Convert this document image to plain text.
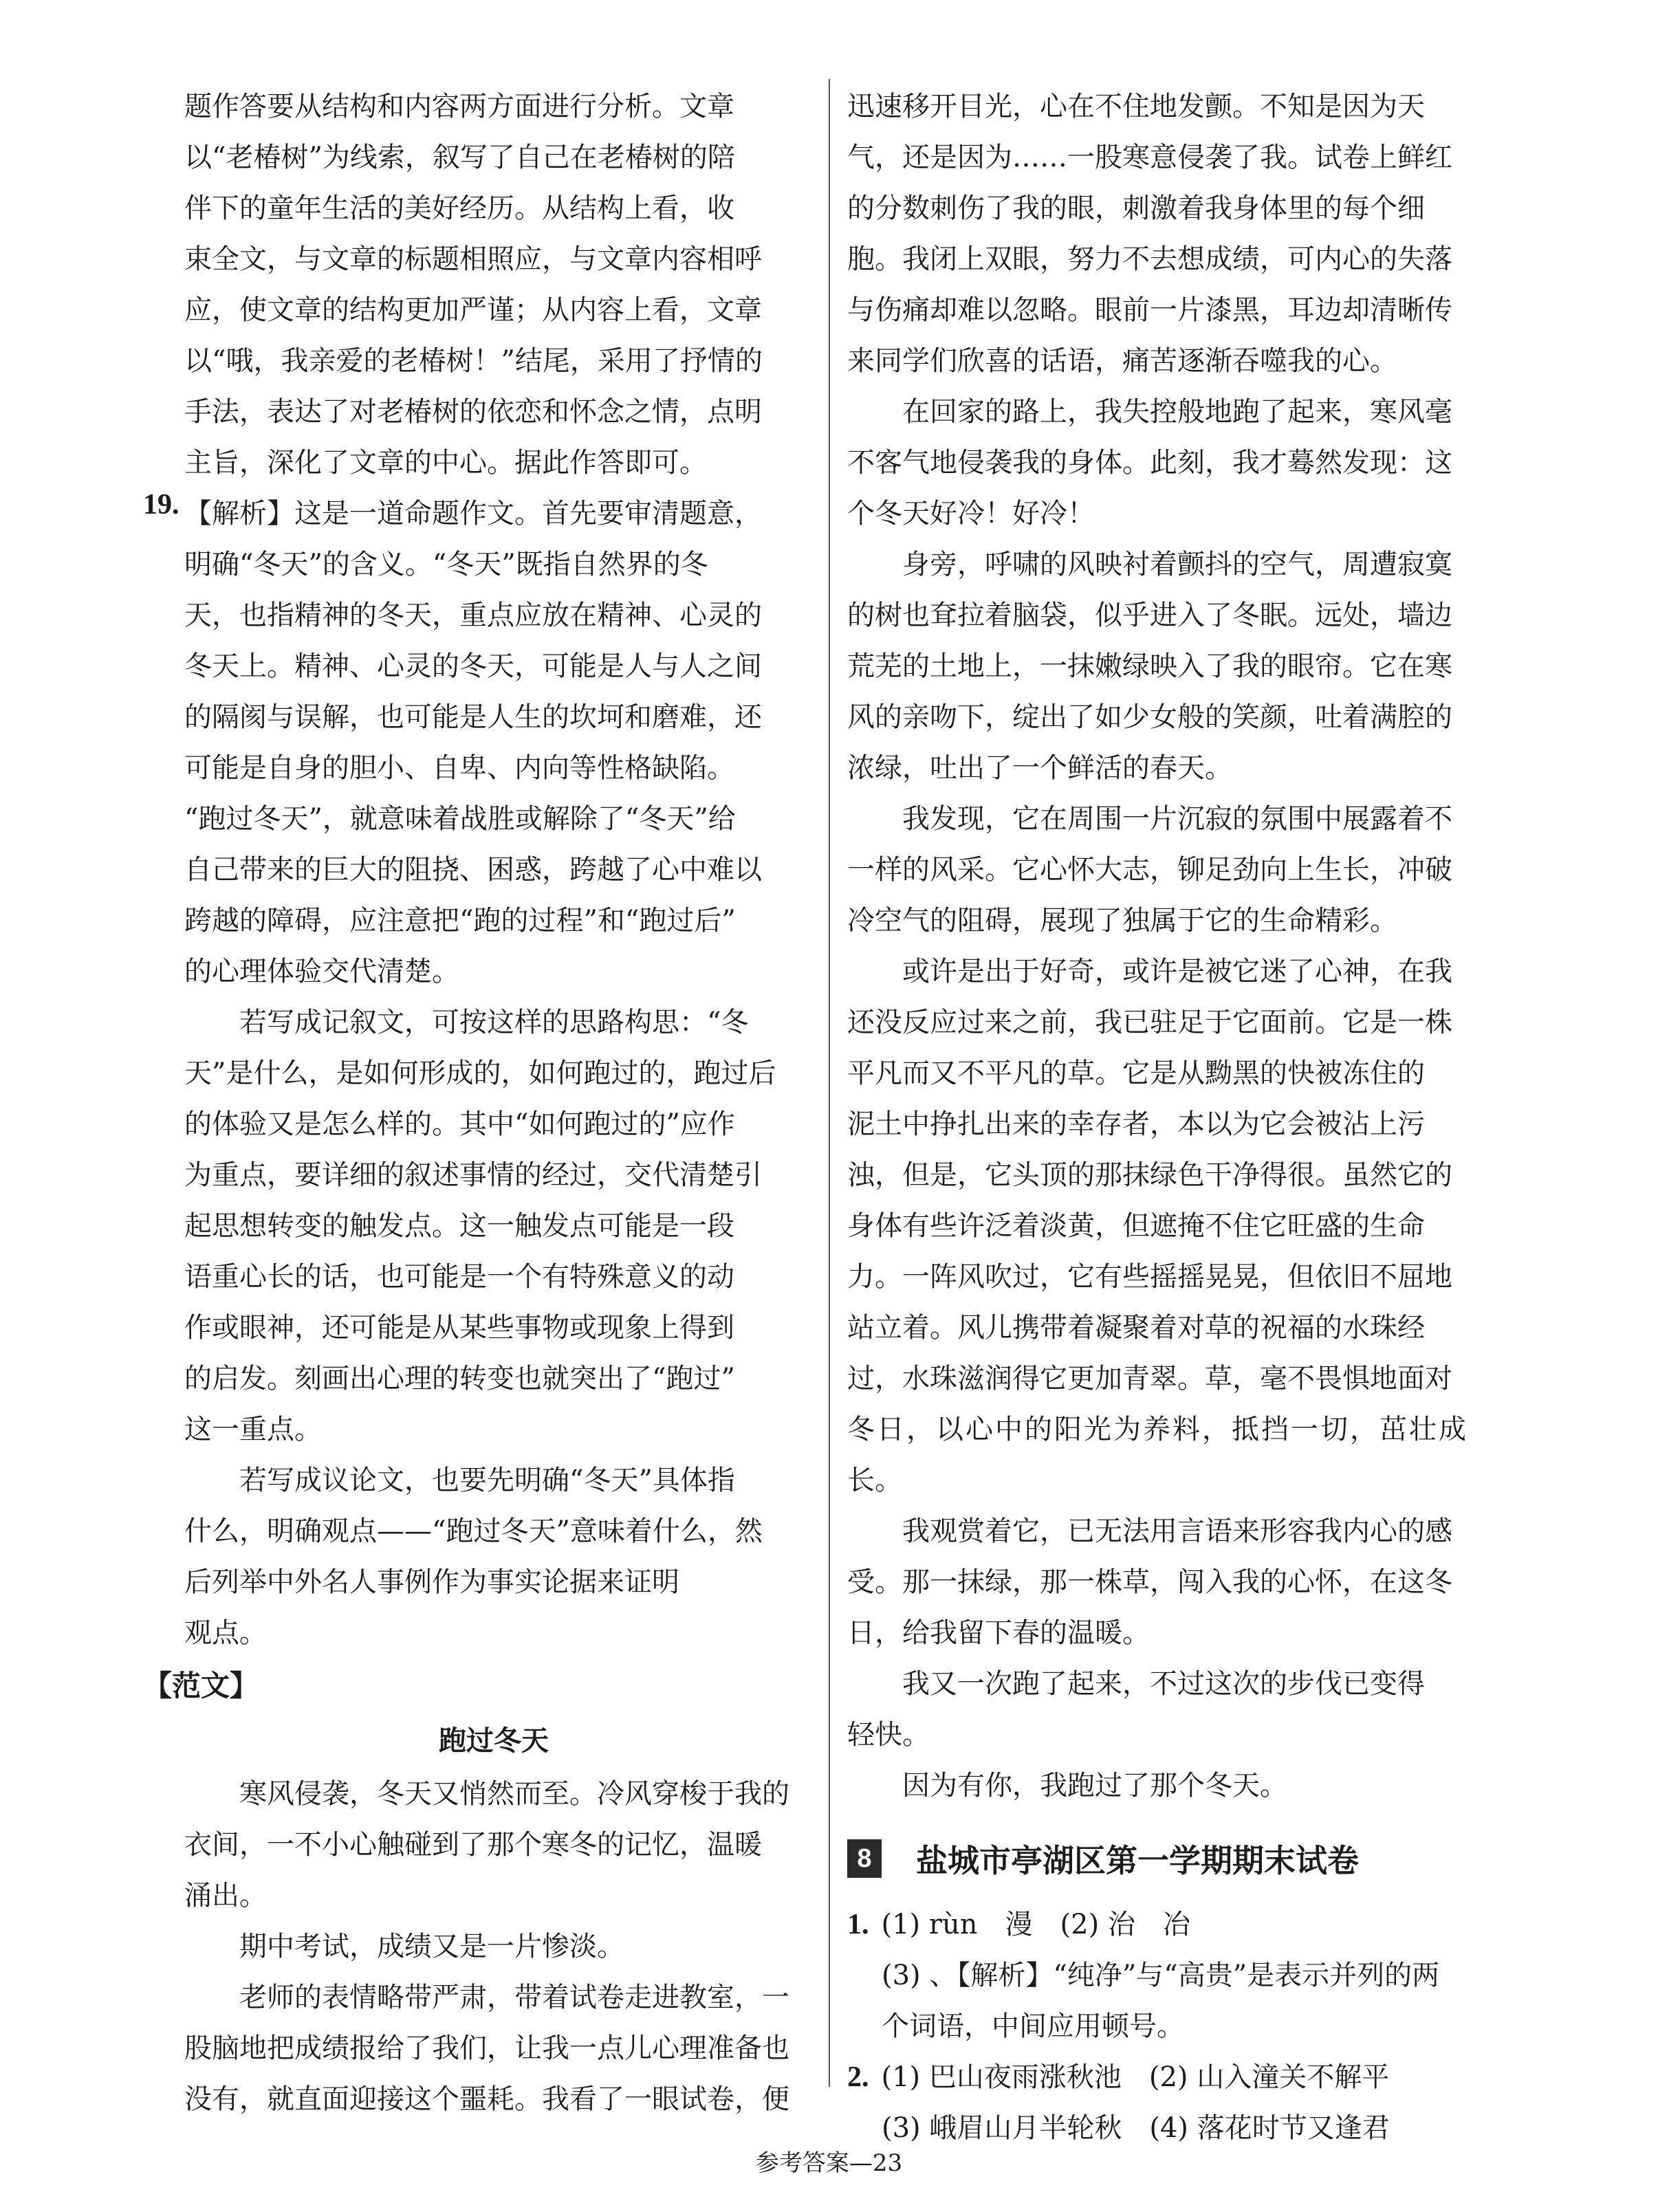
题作答要从结构和内容两方面进行分析。文章

以“老椿树”为线索，叙写了自己在老椿树的陪

伴下的童年生活的美好经历。从结构上看，收

束全文，与文章的标题相照应，与文章内容相呼

应，使文章的结构更加严谨；从内容上看，文章

以“哦，我亲爱的老椿树！”结尾，采用了抒情的

手法，表达了对老椿树的依恋和怀念之情，点明

主旨，深化了文章的中心。据此作答即可。

19. 【解析】这是一道命题作文。首先要审清题意，

明确“冬天”的含义。“冬天”既指自然界的冬

天，也指精神的冬天，重点应放在精神、心灵的

冬天上。精神、心灵的冬天，可能是人与人之间

的隔阂与误解，也可能是人生的坎坷和磨难，还

可能是自身的胆小、自卑、内向等性格缺陷。

“跑过冬天”，就意味着战胜或解除了“冬天”给

自己带来的巨大的阻挠、困惑，跨越了心中难以

跨越的障碍，应注意把“跑的过程”和“跑过后”

的心理体验交代清楚。

若写成记叙文，可按这样的思路构思：“冬

天”是什么，是如何形成的，如何跑过的，跑过后

的体验又是怎么样的。其中“如何跑过的”应作

为重点，要详细的叙述事情的经过，交代清楚引

起思想转变的触发点。这一触发点可能是一段

语重心长的话，也可能是一个有特殊意义的动

作或眼神，还可能是从某些事物或现象上得到

的启发。刻画出心理的转变也就突出了“跑过”

这一重点。

若写成议论文，也要先明确“冬天”具体指

什么，明确观点——“跑过冬天”意味着什么，然

后列举中外名人事例作为事实论据来证明

观点。

【范文】
跑过冬天

寒风侵袭，冬天又悄然而至。冷风穿梭于我的

衣间，一不小心触碰到了那个寒冬的记忆，温暖

涌出。

期中考试，成绩又是一片惨淡。

老师的表情略带严肃，带着试卷走进教室，一

股脑地把成绩报给了我们，让我一点儿心理准备也

没有，就直面迎接这个噩耗。我看了一眼试卷，便

迅速移开目光，心在不住地发颤。不知是因为天

气，还是因为……一股寒意侵袭了我。试卷上鲜红

的分数刺伤了我的眼，刺激着我身体里的每个细

胞。我闭上双眼，努力不去想成绩，可内心的失落

与伤痛却难以忽略。眼前一片漆黑，耳边却清晰传

来同学们欣喜的话语，痛苦逐渐吞噬我的心。

在回家的路上，我失控般地跑了起来，寒风毫

不客气地侵袭我的身体。此刻，我才蓦然发现：这

个冬天好冷！好冷！

身旁，呼啸的风映衬着颤抖的空气，周遭寂寞

的树也耷拉着脑袋，似乎进入了冬眠。远处，墙边

荒芜的土地上，一抹嫩绿映入了我的眼帘。它在寒

风的亲吻下，绽出了如少女般的笑颜，吐着满腔的

浓绿，吐出了一个鲜活的春天。

我发现，它在周围一片沉寂的氛围中展露着不

一样的风采。它心怀大志，铆足劲向上生长，冲破

冷空气的阻碍，展现了独属于它的生命精彩。

或许是出于好奇，或许是被它迷了心神，在我

还没反应过来之前，我已驻足于它面前。它是一株

平凡而又不平凡的草。它是从黝黑的快被冻住的

泥土中挣扎出来的幸存者，本以为它会被沾上污

浊，但是，它头顶的那抹绿色干净得很。虽然它的

身体有些许泛着淡黄，但遮掩不住它旺盛的生命

力。一阵风吹过，它有些摇摇晃晃，但依旧不屈地

站立着。风儿携带着凝聚着对草的祝福的水珠经

过，水珠滋润得它更加青翠。草，毫不畏惧地面对

冬日，以心中的阳光为养料，抵挡一切，茁壮成长。

我观赏着它，已无法用言语来形容我内心的感

受。那一抹绿，那一株草，闯入我的心怀，在这冬

日，给我留下春的温暖。

我又一次跑了起来，不过这次的步伐已变得

轻快。

因为有你，我跑过了那个冬天。

8	盐城市亭湖区第一学期期末试卷
1. (1) rùn　漫　(2) 治　冶
(3) 、【解析】“纯净”与“高贵”是表示并列的两
个词语，中间应用顿号。
2. (1) 巴山夜雨涨秋池　(2) 山入潼关不解平
(3) 峨眉山月半轮秋　(4) 落花时节又逢君
参考答案—23
